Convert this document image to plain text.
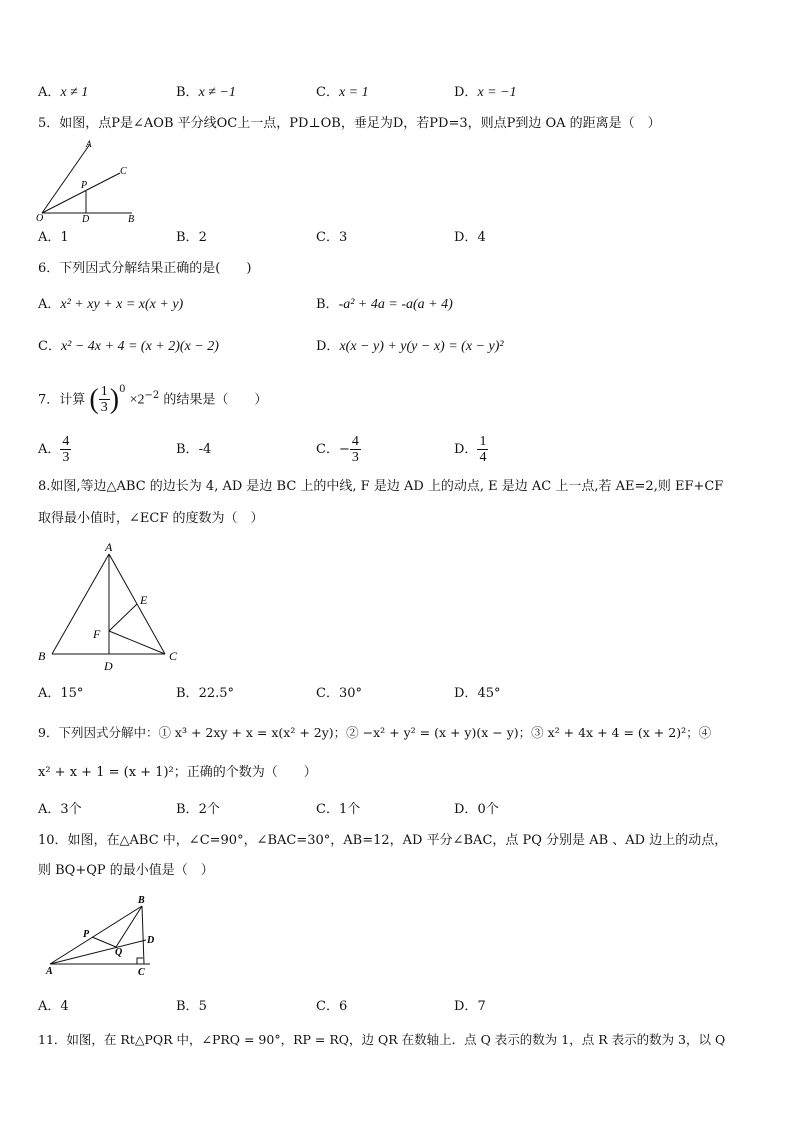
A．x ≠ 1	B．x ≠ −1	C．x = 1	D．x = −1
5．如图，点P是∠AOB 平分线OC上一点，PD⊥OB，垂足为D，若PD=3，则点P到边 OA 的距离是（　）
A
C
P
O	D	B
A．1	B．2	C．3	D．4
6．下列因式分解结果正确的是(　　)
A．x² + xy + x = x(x + y)	B．-a² + 4a = -a(a + 4)
C．x² − 4x + 4 = (x + 2)(x − 2)	D．x(x − y) + y(y − x) = (x − y)²
7．计算 ( $\frac{1}{3} )^0 \times 2^{-2}$ 的结果是（　　）
A． $\frac{4}{3}$	B．-4	C．− $\frac{4}{3}$	D． $\frac{1}{4}$
8.如图,等边△ABC 的边长为 4, AD 是边 BC 上的中线, F 是边 AD 上的动点, E 是边 AC 上一点,若 AE=2,则 EF+CF
取得最小值时，∠ECF 的度数为（　）
A
E
F
B
D
C
A．15°	B．22.5°	C．30°	D．45°
9．下列因式分解中：① x³ + 2xy + x = x(x² + 2y)；② −x² + y² = (x + y)(x − y)；③ x² + 4x + 4 = (x + 2)²；④
x² + x + 1 = (x + 1)²；正确的个数为（　　）
A．3个	B．2个	C．1个	D．0个
10．如图，在△ABC 中，∠C=90°，∠BAC=30°，AB=12，AD 平分∠BAC，点 PQ 分别是 AB 、AD 边上的动点，
则 BQ+QP 的最小值是（　）
B
P
D
Q
A	C
A．4	B．5	C．6	D．7
11．如图，在 Rt△PQR 中，∠PRQ = 90°，RP = RQ，边 QR 在数轴上．点 Q 表示的数为 1，点 R 表示的数为 3，以 Q
